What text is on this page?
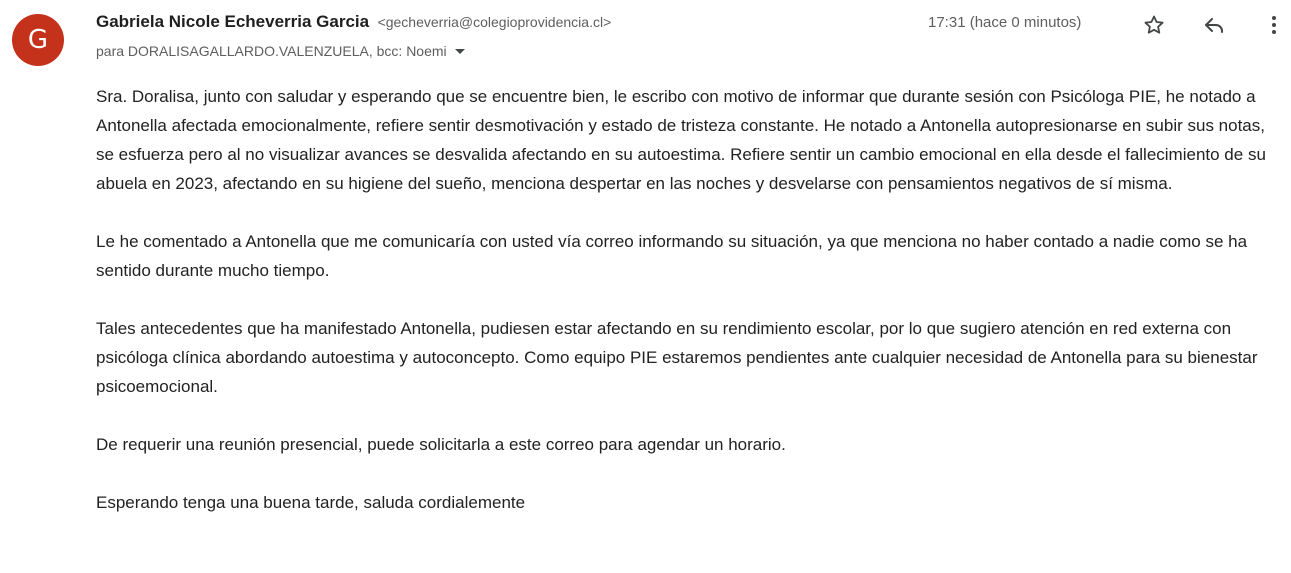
G
Gabriela Nicole Echeverria Garcia <gecheverria@colegioprovidencia.cl>
para DORALISAGALLARDO.VALENZUELA, bcc: Noemi
17:31 (hace 0 minutos)

Sra. Doralisa, junto con saludar y esperando que se encuentre bien, le escribo con motivo de informar que durante sesión con Psicóloga PIE, he notado a Antonella afectada emocionalmente, refiere sentir desmotivación y estado de tristeza constante. He notado a Antonella autopresionarse en subir sus notas, se esfuerza pero al no visualizar avances se desvalida afectando en su autoestima. Refiere sentir un cambio emocional en ella desde el fallecimiento de su abuela en 2023, afectando en su higiene del sueño, menciona despertar en las noches y desvelarse con pensamientos negativos de sí misma.

Le he comentado a Antonella que me comunicaría con usted vía correo informando su situación, ya que menciona no haber contado a nadie como se ha sentido durante mucho tiempo.

Tales antecedentes que ha manifestado Antonella, pudiesen estar afectando en su rendimiento escolar, por lo que sugiero atención en red externa con psicóloga clínica abordando autoestima y autoconcepto. Como equipo PIE estaremos pendientes ante cualquier necesidad de Antonella para su bienestar psicoemocional.

De requerir una reunión presencial, puede solicitarla a este correo para agendar un horario.

Esperando tenga una buena tarde, saluda cordialemente
